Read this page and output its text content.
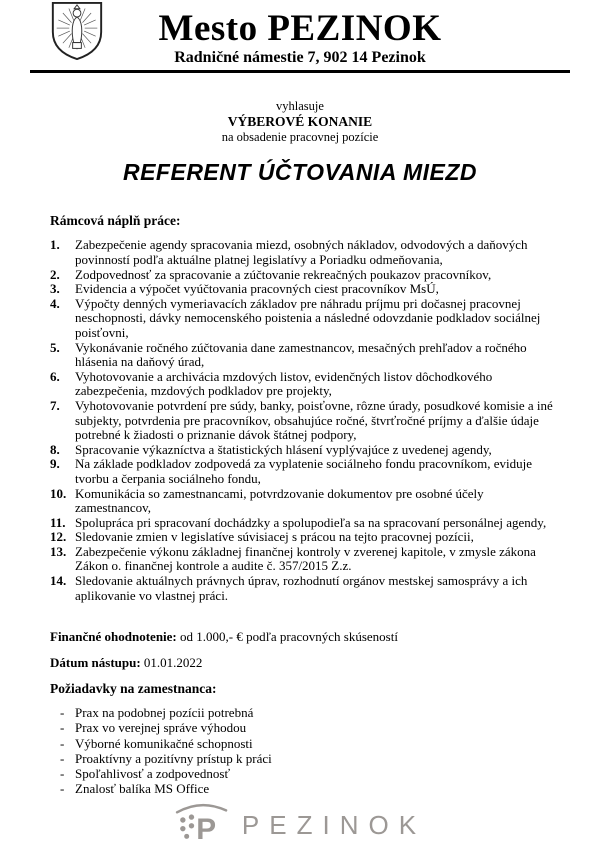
Mesto PEZINOK
Radničné námestie 7, 902 14 Pezinok
vyhlasuje
VÝBEROVÉ KONANIE
na obsadenie pracovnej pozície
REFERENT ÚČTOVANIA MIEZD
Rámcová náplň práce:
1.	Zabezpečenie agendy spracovania miezd, osobných nákladov, odvodových a daňových povinností podľa aktuálne platnej legislatívy a Poriadku odmeňovania,
2.	Zodpovednosť za spracovanie a zúčtovanie rekreačných poukazov pracovníkov,
3.	Evidencia a výpočet vyúčtovania pracovných ciest pracovníkov MsÚ,
4.	Výpočty denných vymeriavacích základov pre náhradu príjmu pri dočasnej pracovnej neschopnosti, dávky nemocenského poistenia a následné odovzdanie podkladov sociálnej poisťovni,
5.	Vykonávanie ročného zúčtovania dane zamestnancov, mesačných prehľadov a ročného hlásenia na daňový úrad,
6.	Vyhotovovanie a archivácia mzdových listov, evidenčných listov dôchodkového zabezpečenia, mzdových podkladov pre projekty,
7.	Vyhotovovanie potvrdení pre súdy, banky, poisťovne, rôzne úrady, posudkové komisie a iné subjekty, potvrdenia pre pracovníkov, obsahujúce ročné, štvrťročné príjmy a ďalšie údaje potrebné k žiadosti o priznanie dávok štátnej podpory,
8.	Spracovanie výkazníctva a štatistických hlásení vyplývajúce z uvedenej agendy,
9.	Na základe podkladov zodpovedá za vyplatenie sociálneho fondu pracovníkom, eviduje tvorbu a čerpania sociálneho fondu,
10. Komunikácia so zamestnancami, potvrdzovanie dokumentov pre osobné účely zamestnancov,
11. Spolupráca pri spracovaní dochádzky a spolupodieľa sa na spracovaní personálnej agendy,
12. Sledovanie zmien v legislatíve súvisiacej s prácou na tejto pracovnej pozícii,
13. Zabezpečenie výkonu základnej finančnej kontroly v zverenej kapitole, v zmysle zákona Zákon o. finančnej kontrole a audite č. 357/2015 Z.z.
14. Sledovanie aktuálnych právnych úprav, rozhodnutí orgánov mestskej samosprávy a ich aplikovanie vo vlastnej práci.
Finančné ohodnotenie: od 1.000,- € podľa pracovných skúseností
Dátum nástupu: 01.01.2022
Požiadavky na zamestnanca:
- Prax na podobnej pozícii potrebná
- Prax vo verejnej správe výhodou
- Výborné komunikačné schopnosti
- Proaktívny a pozitívny prístup k práci
- Spoľahlivosť a zodpovednosť
- Znalosť balíka MS Office
P PEZINOK
